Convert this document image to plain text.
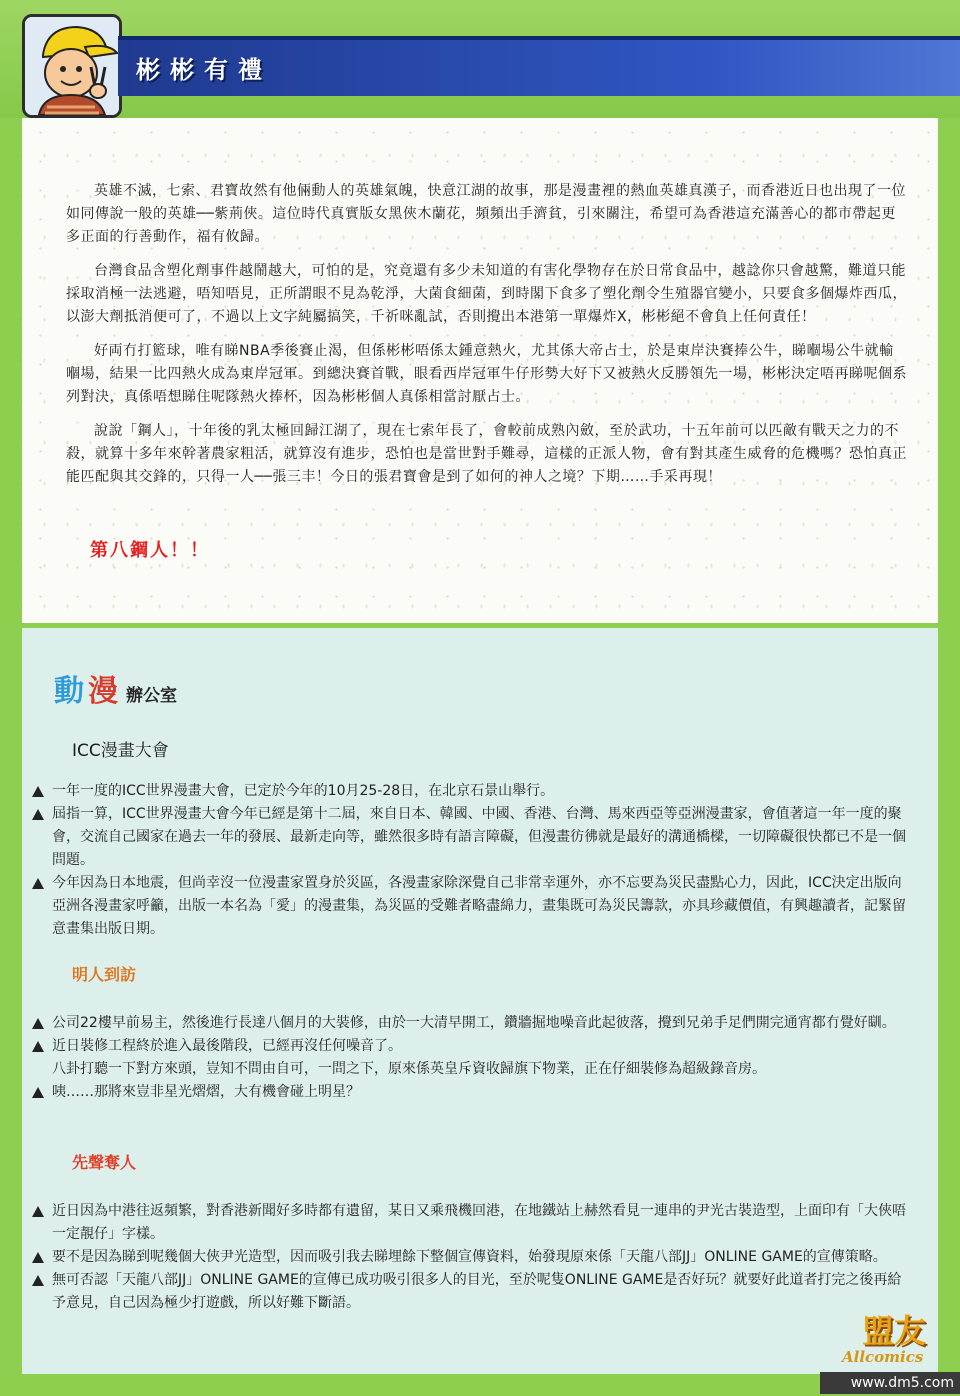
彬彬有禮

英雄不滅，七索、君寶故然有他倆動人的英雄氣魄，快意江湖的故事，那是漫畫裡的熱血英雄真漢子，而香港近日也出現了一位如同傳說一般的英雄──紫荊俠。這位時代真實版女黑俠木蘭花，頻頻出手濟貧，引來關注，希望可為香港這充滿善心的都市帶起更多正面的行善動作，福有攸歸。

台灣食品含塑化劑事件越鬧越大，可怕的是，究竟還有多少未知道的有害化學物存在於日常食品中，越諗你只會越驚，難道只能採取消極一法逃避，唔知唔見，正所謂眼不見為乾淨，大菌食細菌，到時閣下食多了塑化劑令生殖器官變小，只要食多個爆炸西瓜，以澎大劑抵消便可了，不過以上文字純屬搞笑，千祈咪亂試，否則攪出本港第一單爆炸X，彬彬絕不會負上任何責任！

好両冇打籃球，唯有睇NBA季後賽止渴，但係彬彬唔係太鍾意熱火，尤其係大帝占士，於是東岸決賽捧公牛，睇嗰場公牛就輸嗰場，結果一比四熱火成為東岸冠軍。到總決賽首戰，眼看西岸冠軍牛仔形勢大好下又被熱火反勝領先一場，彬彬決定唔再睇呢個系列對決，真係唔想睇住呢隊熱火捧杯，因為彬彬個人真係相當討厭占士。

說說「鋼人」，十年後的乳太極回歸江湖了，現在七索年長了，會較前成熟內斂，至於武功，十五年前可以匹敵有戰天之力的不殺，就算十多年來幹著農家粗活，就算沒有進步，恐怕也是當世對手難尋，這樣的正派人物，會有對其產生威脅的危機嗎？恐怕真正能匹配與其交鋒的，只得一人──張三丰！今日的張君寶會是到了如何的神人之境？下期……手采再現！

第八鋼人！！

動 漫 辦公室
ICC漫畫大會
一年一度的ICC世界漫畫大會，已定於今年的10月25-28日，在北京石景山舉行。
屆指一算，ICC世界漫畫大會今年已經是第十二屆，來自日本、韓國、中國、香港、台灣、馬來西亞等亞洲漫畫家，會值著這一年一度的聚會，交流自己國家在過去一年的發展、最新走向等，雖然很多時有語言障礙，但漫畫彷彿就是最好的溝通橋樑，一切障礙很快都已不是一個問題。
今年因為日本地震，但尚幸沒一位漫畫家置身於災區，各漫畫家除深覺自己非常幸運外，亦不忘要為災民盡點心力，因此，ICC決定出版向亞洲各漫畫家呼籲，出版一本名為「愛」的漫畫集，為災區的受難者略盡綿力，畫集既可為災民籌款，亦具珍藏價值，有興趣讀者，記緊留意畫集出版日期。
明人到訪
公司22樓早前易主，然後進行長達八個月的大裝修，由於一大清早開工，鑽牆掘地噪音此起彼落，攪到兄弟手足們開完通宵都冇覺好瞓。
近日裝修工程終於進入最後階段，已經再沒任何噪音了。
八卦打聽一下對方來頭，豈知不問由自可，一問之下，原來係英皇斥資收歸旗下物業，正在仔細裝修為超級錄音房。
咦……那將來豈非星光熠熠，大有機會碰上明星？
先聲奪人
近日因為中港往返頻繁，對香港新聞好多時都有遺留，某日又乘飛機回港，在地鐵站上赫然看見一連串的尹光古裝造型，上面印有「大俠唔一定靚仔」字樣。
要不是因為睇到呢幾個大俠尹光造型，因而吸引我去睇埋餘下整個宣傳資料，始發現原來係「天龍八部JJ」ONLINE GAME的宣傳策略。
無可否認「天龍八部JJ」ONLINE GAME的宣傳已成功吸引很多人的目光，至於呢隻ONLINE GAME是否好玩？就要好此道者打完之後再給予意見，自己因為極少打遊戲，所以好難下斷語。

盟友

Allcomics

www.dm5.com
